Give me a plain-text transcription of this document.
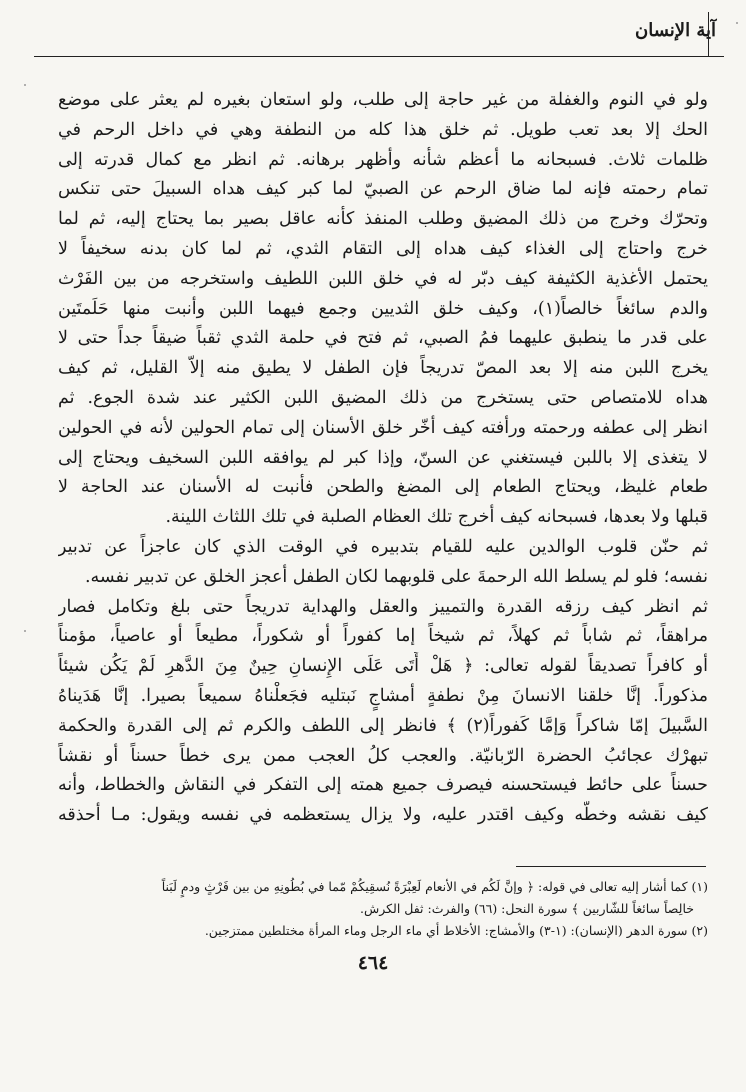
آية الإنسان
ولو في النوم والغفلة من غير حاجة إلى طلب، ولو استعان بغيره لم يعثر على موضع
الحك إلا بعد تعب طويل. ثم خلق هذا كله من النطفة وهي في داخل الرحم في
ظلمات ثلاث. فسبحانه ما أعظم شأنه وأظهر برهانه. ثم انظر مع كمال قدرته إلى
تمام رحمته فإنه لما ضاق الرحم عن الصبيّ لما كبر كيف هداه السبيلَ حتى تنكس
وتحرّك وخرج من ذلك المضيق وطلب المنفذ كأنه عاقل بصير بما يحتاج إليه، ثم لما
خرج واحتاج إلى الغذاء كيف هداه إلى التقام الثدي، ثم لما كان بدنه سخيفاً لا
يحتمل الأغذية الكثيفة كيف دبّر له في خلق اللبن اللطيف واستخرجه من بين الفَرْث
والدم سائغاً خالصاً(١)، وكيف خلق الثديين وجمع فيهما اللبن وأنبت منها حَلَمتَين
على قدر ما ينطبق عليهما فمُ الصبي، ثم فتح في حلمة الثدي ثقباً ضيقاً جداً حتى لا
يخرج اللبن منه إلا بعد المصّ تدريجاً فإن الطفل لا يطيق منه إلاّ القليل، ثم كيف
هداه للامتصاص حتى يستخرج من ذلك المضيق اللبن الكثير عند شدة الجوع. ثم
انظر إلى عطفه ورحمته ورأفته كيف أخّر خلق الأسنان إلى تمام الحولين لأنه في الحولين
لا يتغذى إلا باللبن فيستغني عن السنّ، وإذا كبر لم يوافقه اللبن السخيف ويحتاج إلى
طعام غليظ، ويحتاج الطعام إلى المضغ والطحن فأنبت له الأسنان عند الحاجة لا
قبلها ولا بعدها، فسبحانه كيف أخرج تلك العظام الصلبة في تلك اللثاث اللينة.
ثم حنّن قلوب الوالدين عليه للقيام بتدبيره في الوقت الذي كان عاجزاً عن تدبير
نفسه؛ فلو لم يسلط الله الرحمةَ على قلوبهما لكان الطفل أعجز الخلق عن تدبير نفسه.
ثم انظر كيف رزقه القدرة والتمييز والعقل والهداية تدريجاً حتى بلغ وتكامل فصار
مراهقاً، ثم شاباً ثم كهلاً، ثم شيخاً إما كفوراً أو شكوراً، مطيعاً أو عاصياً، مؤمناً
أو كافراً تصديقاً لقوله تعالى: ﴿ هَلْ أَتَى عَلَى الإِنسانِ حِينٌ مِنَ الدَّهرِ لَمْ يَكُن شيئاً
مذكوراً. إنَّا خلقنا الانسانَ مِنْ نطفةٍ أمشاجٍ نَبتليه فجَعلْناهُ سميعاً بصيرا. إنَّا هَدَيناهُ
السَّبيلَ إمّا شاكراً وَإمَّا كَفوراً(٢) ﴾ فانظر إلى اللطف والكرم ثم إلى القدرة والحكمة
تبهرْك عجائبُ الحضرة الرّبانيّة. والعجب كلُ العجب ممن يرى خطاً حسناً أو نقشاً
حسناً على حائط فيستحسنه فيصرف جميع همته إلى التفكر في النقاش والخطاط، وأنه
كيف نقشه وخطّه وكيف اقتدر عليه، ولا يزال يستعظمه في نفسه ويقول: مـا أحذقه
(١) كما أشار إليه تعالى في قوله: ﴿ وإنَّ لَكُم في الأنعام لَعِبْرَةً نُسقِيكُمْ مّما في بُطُونِهِ من بين فَرْثٍ ودمٍ لَبَناً
خالِصاً سائغاً للشّاربين ﴾ سورة النحل: (٦٦) والفرث: ثفل الكرش.
(٢) سورة الدهر (الإنسان): (١-٣) والأمشاج: الأخلاط أي ماء الرجل وماء المرأة مختلطين ممتزجين.
٤٦٤
